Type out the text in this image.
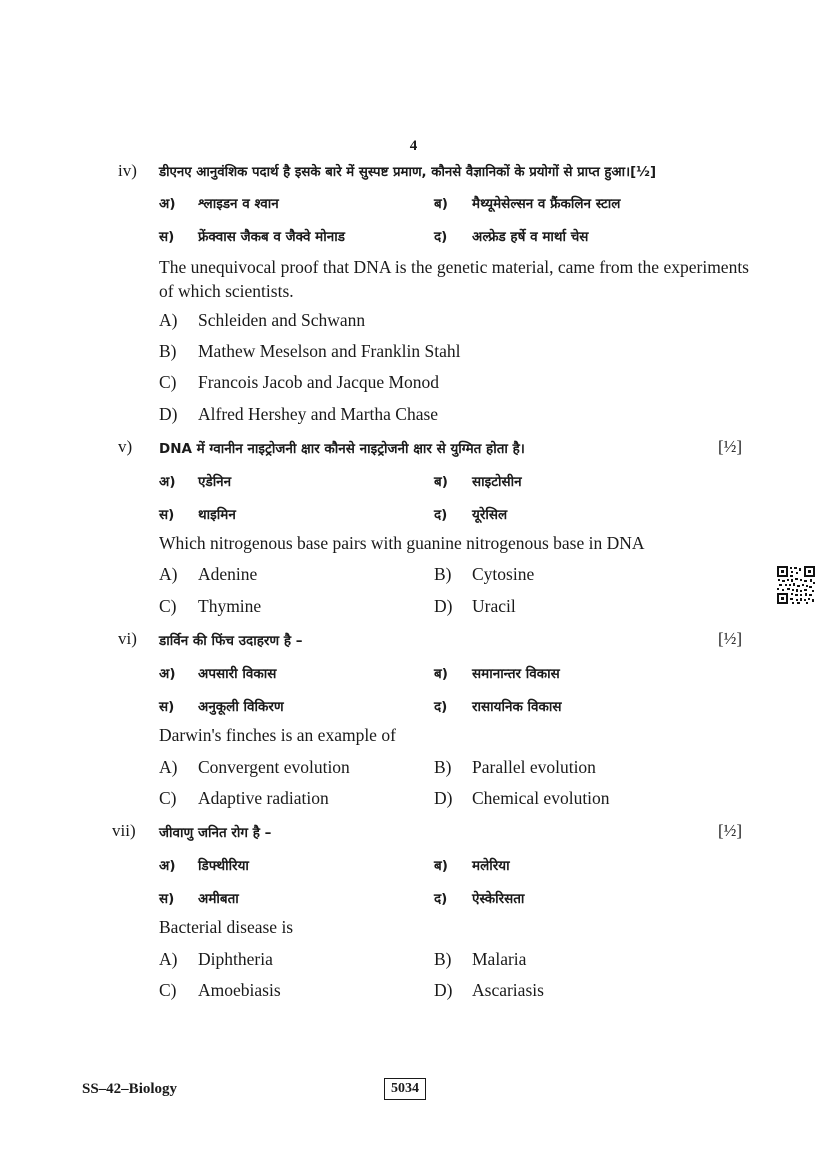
4
iv) डीएनए आनुवंशिक पदार्थ है इसके बारे में सुस्पष्ट प्रमाण, कौनसे वैज्ञानिकों के प्रयोगों से प्राप्त हुआ।[½]
अ) श्लाइडन व श्वान	ब) मैथ्यूमेसेल्सन व फ्रैंकलिन स्टाल
स) फ्रेंक्वास जैकब व जैक्वे मोनाड	द) अल्फ्रेड हर्षे व मार्था चेस
The unequivocal proof that DNA is the genetic material, came from the experiments of which scientists.
A) Schleiden and Schwann
B) Mathew Meselson and Franklin Stahl
C) Francois Jacob and Jacque Monod
D) Alfred Hershey and Martha Chase
v) DNA में ग्वानीन नाइट्रोजनी क्षार कौनसे नाइट्रोजनी क्षार से युग्मित होता है।	[½]
अ) एडेनिन	ब) साइटोसीन
स) थाइमिन	द) यूरेसिल
Which nitrogenous base pairs with guanine nitrogenous base in DNA
A) Adenine	B) Cytosine
C) Thymine	D) Uracil
vi) डार्विन की फिंच उदाहरण है –	[½]
अ) अपसारी विकास	ब) समानान्तर विकास
स) अनुकूली विकिरण	द) रासायनिक विकास
Darwin's finches is an example of
A) Convergent evolution	B) Parallel evolution
C) Adaptive radiation	D) Chemical evolution
vii) जीवाणु जनित रोग है –	[½]
अ) डिफ्थीरिया	ब) मलेरिया
स) अमीबता	द) ऐस्केरिसता
Bacterial disease is
A) Diphtheria	B) Malaria
C) Amoebiasis	D) Ascariasis
SS–42–Biology	5034
